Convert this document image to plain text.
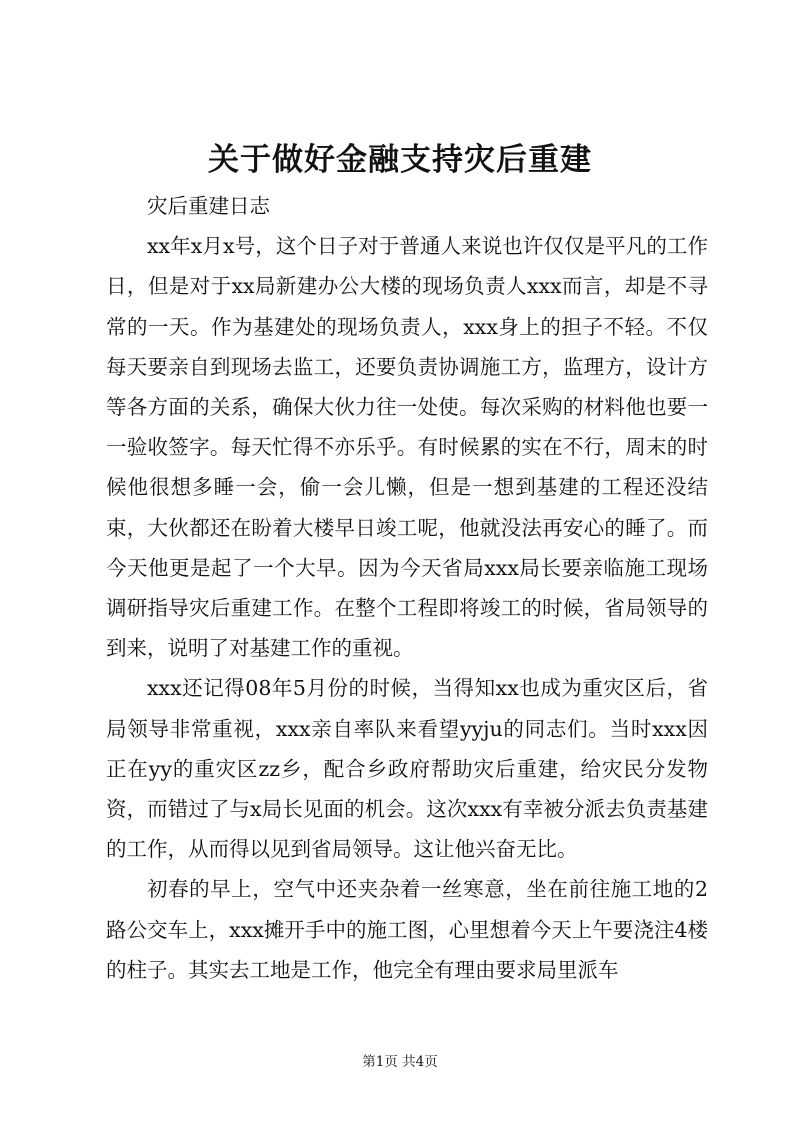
关于做好金融支持灾后重建

灾后重建日志

xx年x月x号，这个日子对于普通人来说也许仅仅是平凡的工作日，但是对于xx局新建办公大楼的现场负责人xxx而言，却是不寻常的一天。作为基建处的现场负责人，xxx身上的担子不轻。不仅每天要亲自到现场去监工，还要负责协调施工方，监理方，设计方等各方面的关系，确保大伙力往一处使。每次采购的材料他也要一一验收签字。每天忙得不亦乐乎。有时候累的实在不行，周末的时候他很想多睡一会，偷一会儿懒，但是一想到基建的工程还没结束，大伙都还在盼着大楼早日竣工呢，他就没法再安心的睡了。而今天他更是起了一个大早。因为今天省局xxx局长要亲临施工现场调研指导灾后重建工作。在整个工程即将竣工的时候，省局领导的到来，说明了对基建工作的重视。

xxx还记得08年5月份的时候，当得知xx也成为重灾区后，省局领导非常重视，xxx亲自率队来看望yyju的同志们。当时xxx因正在yy的重灾区zz乡，配合乡政府帮助灾后重建，给灾民分发物资，而错过了与x局长见面的机会。这次xxx有幸被分派去负责基建的工作，从而得以见到省局领导。这让他兴奋无比。

初春的早上，空气中还夹杂着一丝寒意，坐在前往施工地的2路公交车上，xxx摊开手中的施工图，心里想着今天上午要浇注4楼的柱子。其实去工地是工作，他完全有理由要求局里派车

第1页 共4页
